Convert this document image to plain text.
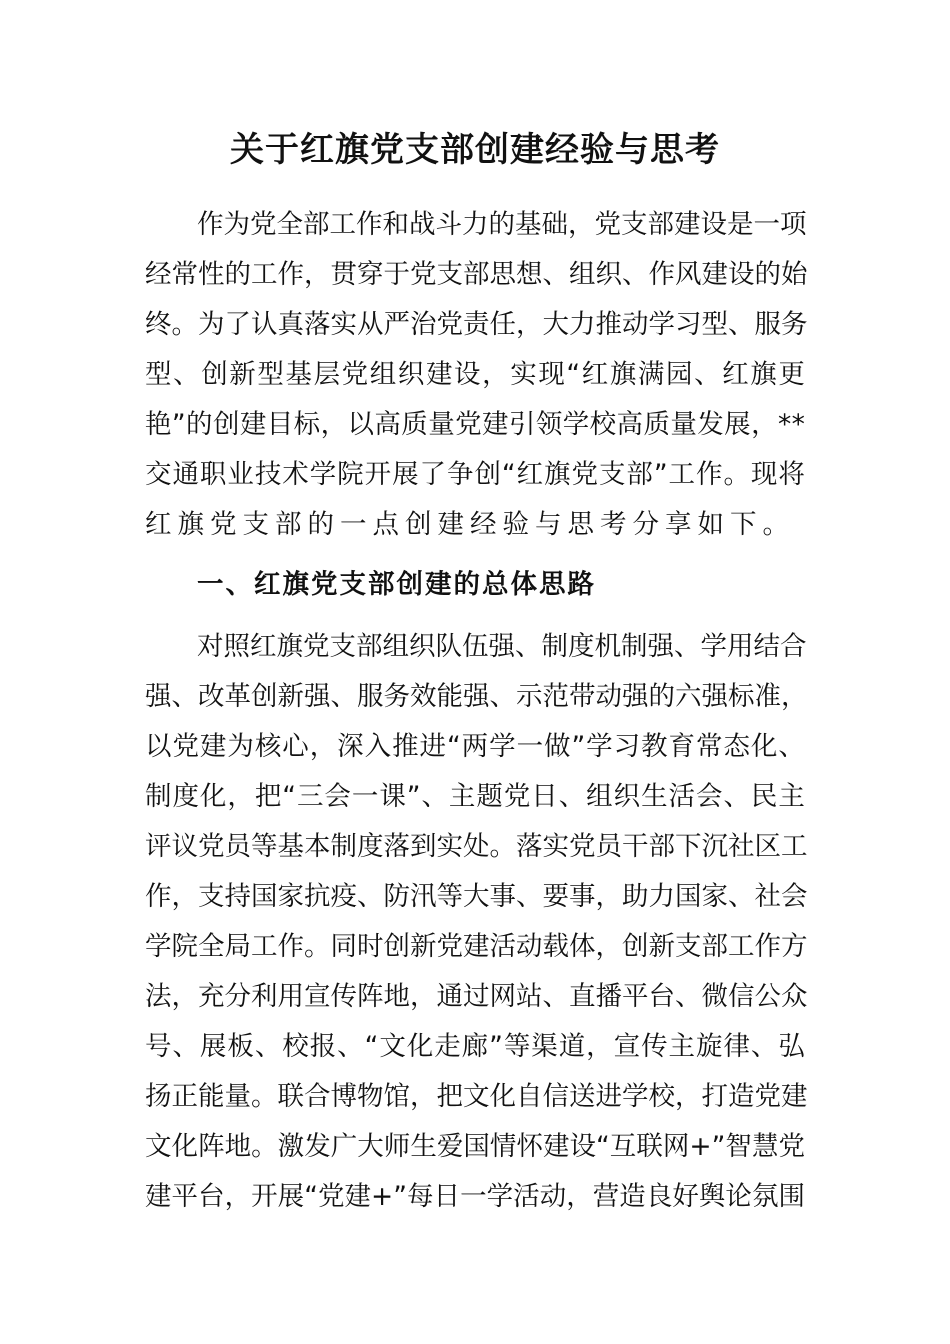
关于红旗党支部创建经验与思考

作 为 党 全 部 工 作 和 战 斗 力 的 基 础 ， 党 支 部 建 设 是 一 项

经 常 性 的 工 作 ， 贯 穿 于 党 支 部 思 想 、 组 织 、 作 风 建 设 的 始

终 。 为 了 认 真 落 实 从 严 治 党 责 任 ， 大 力 推 动 学 习 型 、 服 务

型 、 创 新 型 基 层 党 组 织 建 设 ， 实 现 “ 红 旗 满 园 、 红 旗 更

艳 ” 的 创 建 目 标 ， 以 高 质 量 党 建 引 领 学 校 高 质 量 发 展 ， * *

交 通 职 业 技 术 学 院 开 展 了 争 创 “ 红 旗 党 支 部 ” 工 作 。 现 将

红旗党支部的一点创建经验与思考分享如下。

一、红旗党支部创建的总体思路

对 照 红 旗 党 支 部 组 织 队 伍 强 、 制 度 机 制 强 、 学 用 结 合

强 、 改 革 创 新 强 、 服 务 效 能 强 、 示 范 带 动 强 的 六 强 标 准 ，

以 党 建 为 核 心 ， 深 入 推 进 “ 两 学 一 做 ” 学 习 教 育 常 态 化 、

制 度 化 ， 把 “ 三 会 一 课 ” 、 主 题 党 日 、 组 织 生 活 会 、 民 主

评 议 党 员 等 基 本 制 度 落 到 实 处 。 落 实 党 员 干 部 下 沉 社 区 工

作 ， 支 持 国 家 抗 疫 、 防 汛 等 大 事 、 要 事 ， 助 力 国 家 、 社 会

学 院 全 局 工 作 。 同 时 创 新 党 建 活 动 载 体 ， 创 新 支 部 工 作 方

法 ， 充 分 利 用 宣 传 阵 地 ， 通 过 网 站 、 直 播 平 台 、 微 信 公 众

号 、 展 板 、 校 报 、 “ 文 化 走 廊 ” 等 渠 道 ， 宣 传 主 旋 律 、 弘

扬 正 能 量 。 联 合 博 物 馆 ， 把 文 化 自 信 送 进 学 校 ， 打 造 党 建

文 化 阵 地 。 激 发 广 大 师 生 爱 国 情 怀 建 设 “ 互 联 网 + ” 智 慧 党

建 平 台 ， 开 展 “ 党 建 + ” 每 日 一 学 活 动 ， 营 造 良 好 舆 论 氛 围
